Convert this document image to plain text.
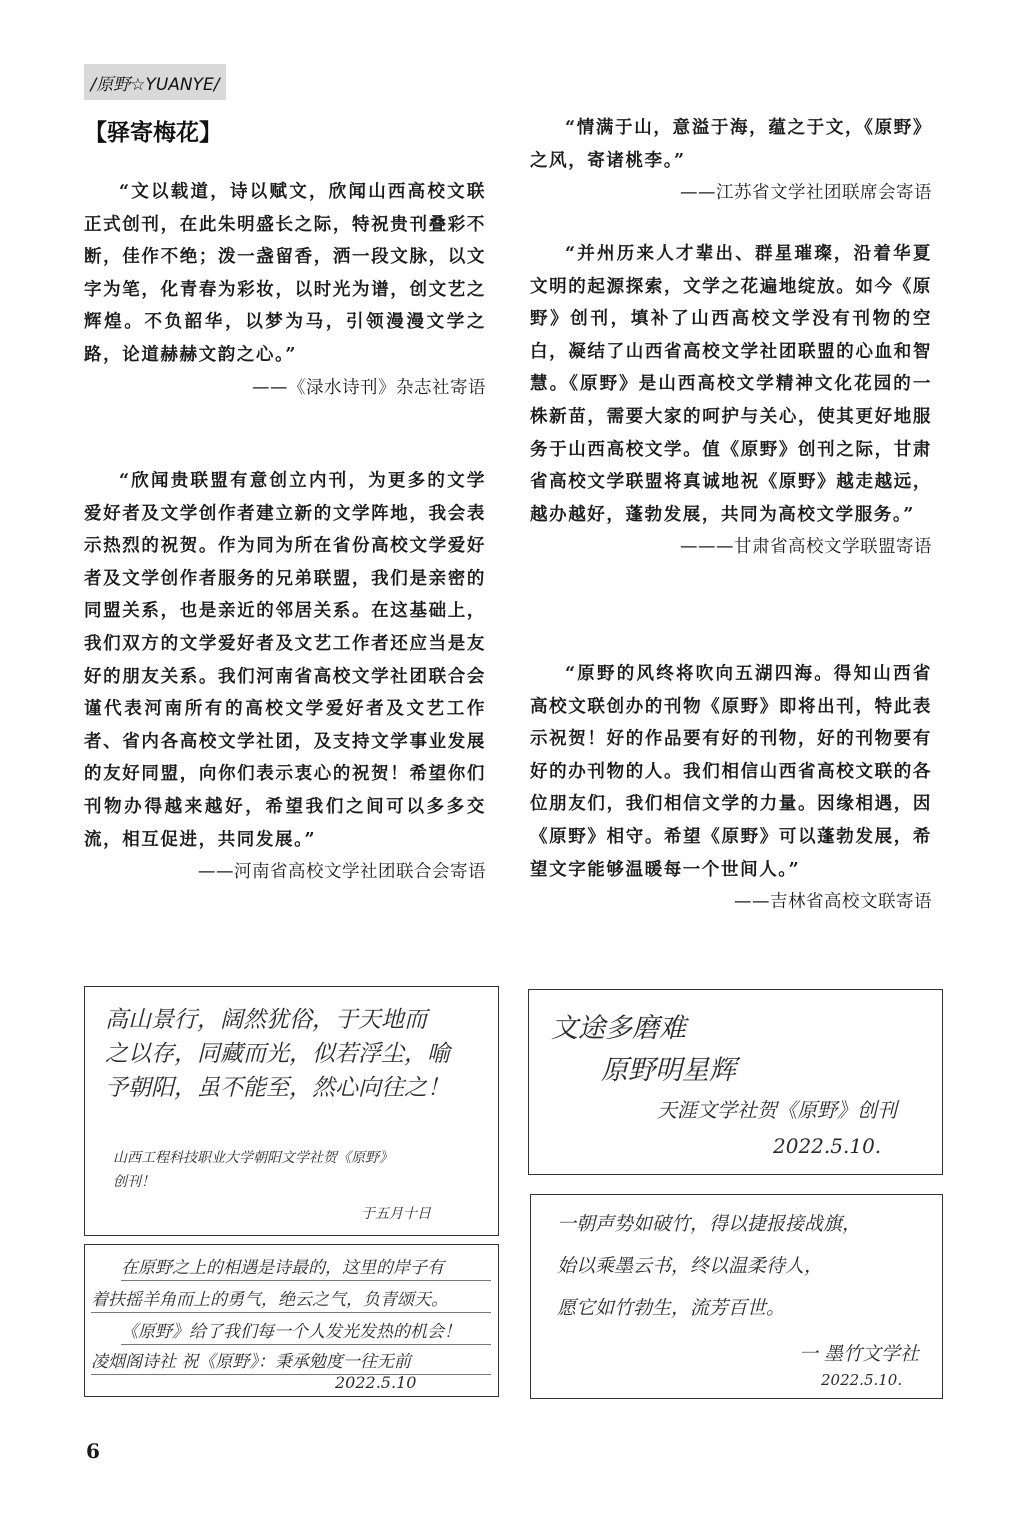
/原野☆YUANYE/
【驿寄梅花】

“文以载道，诗以赋文，欣闻山西高校文联正式创刊，在此朱明盛长之际，特祝贵刊叠彩不断，佳作不绝；泼一盏留香，洒一段文脉，以文字为笔，化青春为彩妆，以时光为谱，创文艺之辉煌。不负韶华，以梦为马，引领漫漫文学之路，论道赫赫文韵之心。”

——《渌水诗刊》杂志社寄语

“欣闻贵联盟有意创立内刊，为更多的文学爱好者及文学创作者建立新的文学阵地，我会表示热烈的祝贺。作为同为所在省份高校文学爱好者及文学创作者服务的兄弟联盟，我们是亲密的同盟关系，也是亲近的邻居关系。在这基础上，我们双方的文学爱好者及文艺工作者还应当是友好的朋友关系。我们河南省高校文学社团联合会谨代表河南所有的高校文学爱好者及文艺工作者、省内各高校文学社团，及支持文学事业发展的友好同盟，向你们表示衷心的祝贺！希望你们刊物办得越来越好，希望我们之间可以多多交流，相互促进，共同发展。”

——河南省高校文学社团联合会寄语

“情满于山，意溢于海，蕴之于文，《原野》之风，寄诸桃李。”

——江苏省文学社团联席会寄语

“并州历来人才辈出、群星璀璨，沿着华夏文明的起源探索，文学之花遍地绽放。如今《原野》创刊，填补了山西高校文学没有刊物的空白，凝结了山西省高校文学社团联盟的心血和智慧。《原野》是山西高校文学精神文化花园的一株新苗，需要大家的呵护与关心，使其更好地服务于山西高校文学。值《原野》创刊之际，甘肃省高校文学联盟将真诚地祝《原野》越走越远，越办越好，蓬勃发展，共同为高校文学服务。”

———甘肃省高校文学联盟寄语

“原野的风终将吹向五湖四海。得知山西省高校文联创办的刊物《原野》即将出刊，特此表示祝贺！好的作品要有好的刊物，好的刊物要有好的办刊物的人。我们相信山西省高校文联的各位朋友们，我们相信文学的力量。因缘相遇，因《原野》相守。希望《原野》可以蓬勃发展，希望文字能够温暖每一个世间人。”

——吉林省高校文联寄语

高山景行，阔然犹俗，于天地而
之以存，同藏而光，似若浮尘，喻
予朝阳，虽不能至，然心向往之！
山西工程科技职业大学朝阳文学社贺《原野》
创刊！
于五月十日
文途多磨难
原野明星辉
天涯文学社贺《原野》创刊
2022.5.10.
在原野之上的相遇是诗最的，这里的岸子有
着扶摇羊角而上的勇气，绝云之气，负青颂天。
《原野》给了我们每一个人发光发热的机会！
凌烟阁诗社 祝《原野》：秉承勉度一往无前
2022.5.10
一朝声势如破竹，得以捷报接战旗，
始以乘墨云书，终以温柔待人，
愿它如竹勃生，流芳百世。
一 墨竹文学社
2022.5.10.
6
